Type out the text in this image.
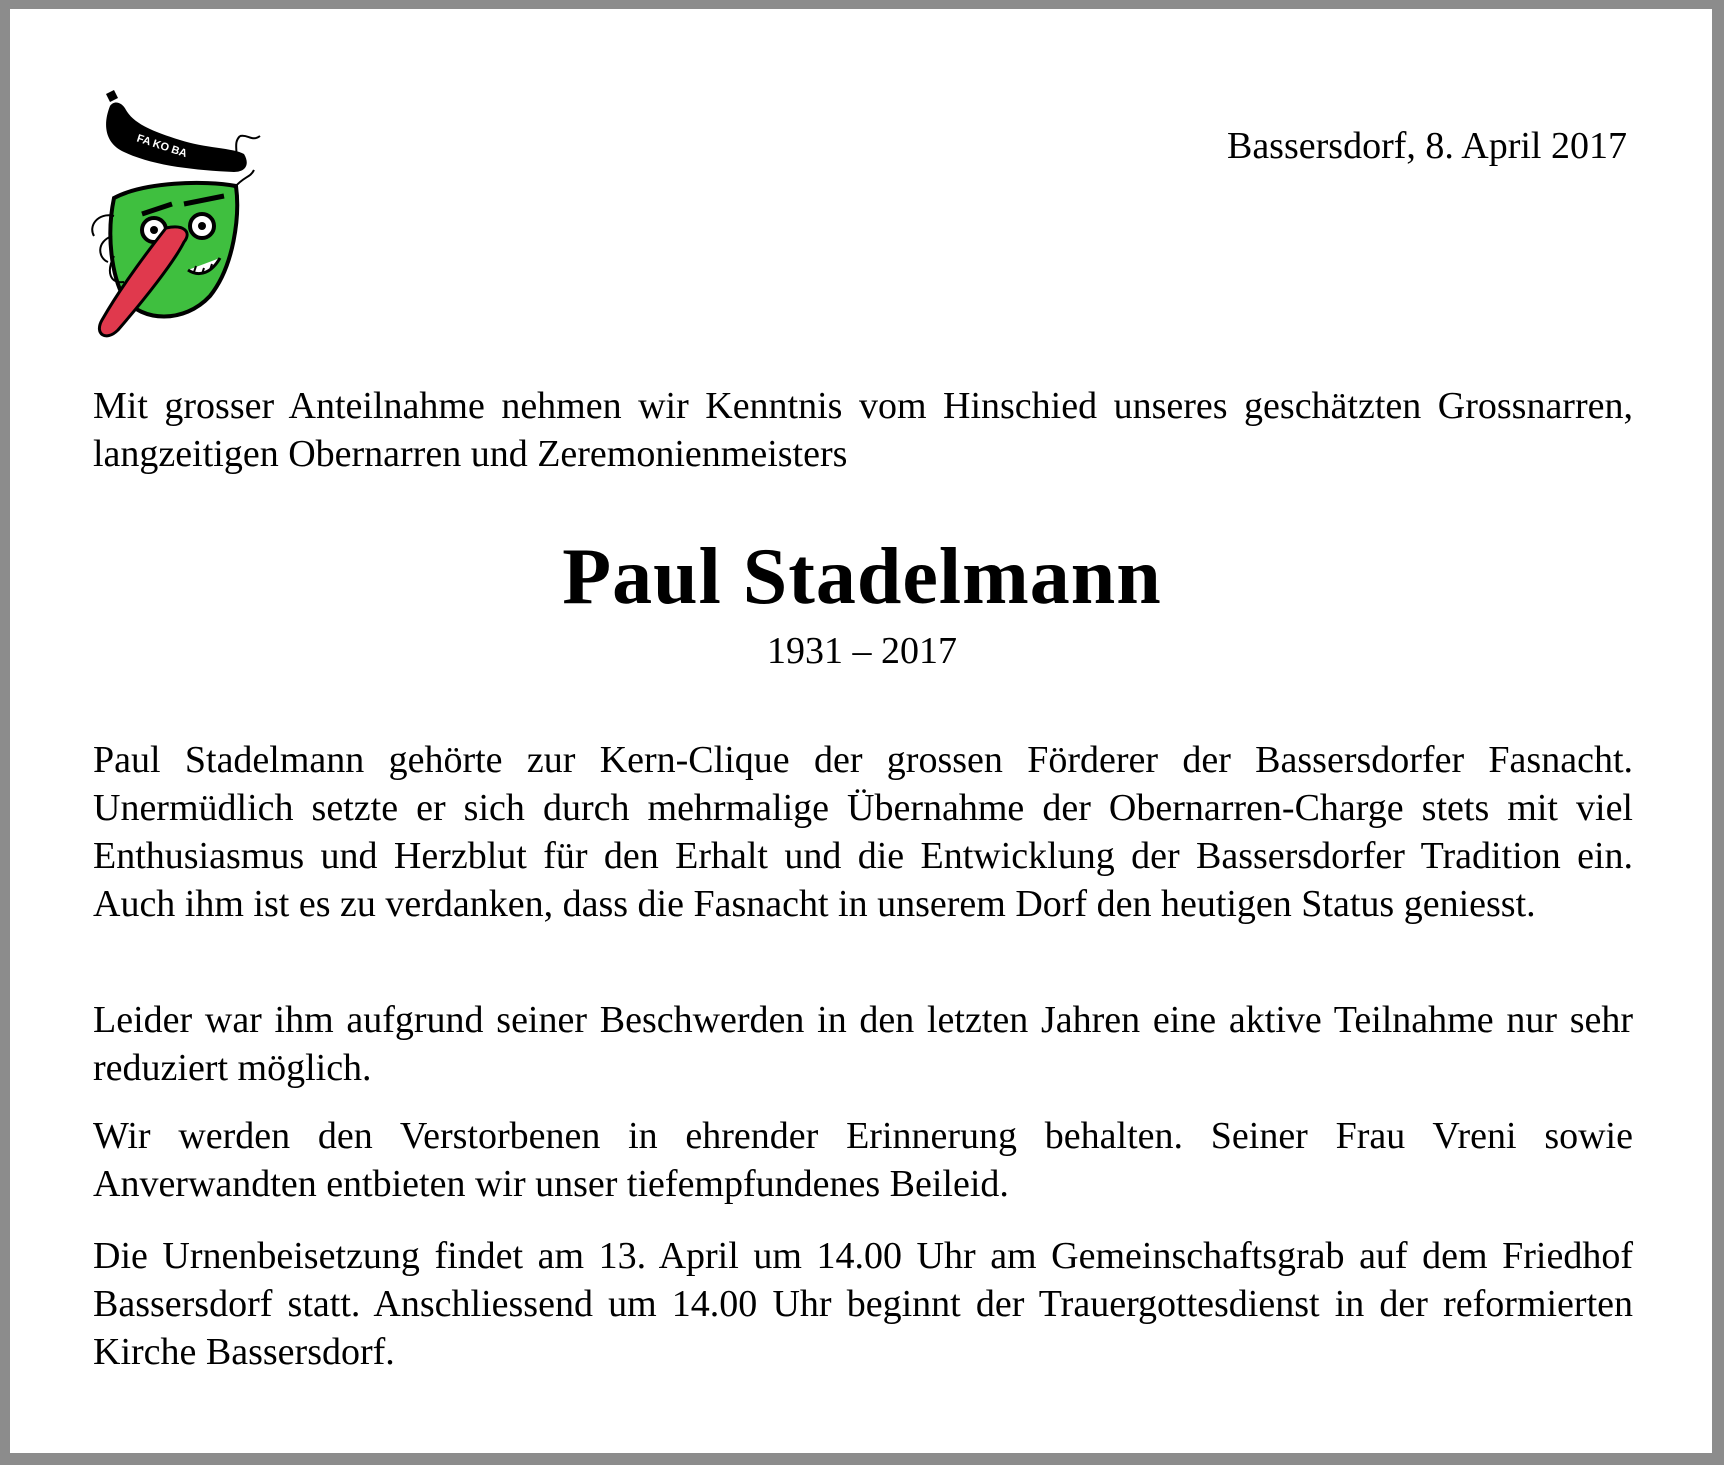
FA KO BA	Bassersdorf, 8. April 2017

Mit grosser Anteilnahme nehmen wir Kenntnis vom Hinschied unseres geschätzten Grossnarren, langzeitigen Obernarren und Zeremonienmeisters

Paul Stadelmann
1931 – 2017

Paul Stadelmann gehörte zur Kern-Clique der grossen Förderer der Bassersdorfer Fasnacht. Unermüdlich setzte er sich durch mehrmalige Übernahme der Obernarren-Charge stets mit viel Enthusiasmus und Herzblut für den Erhalt und die Entwicklung der Bassersdorfer Tradition ein. Auch ihm ist es zu verdanken, dass die Fasnacht in unserem Dorf den heutigen Status geniesst.

Leider war ihm aufgrund seiner Beschwerden in den letzten Jahren eine aktive Teilnahme nur sehr reduziert möglich.

Wir werden den Verstorbenen in ehrender Erinnerung behalten. Seiner Frau Vreni sowie Anverwandten entbieten wir unser tiefempfundenes Beileid.

Die Urnenbeisetzung findet am 13. April um 14.00 Uhr am Gemeinschaftsgrab auf dem Friedhof Bassersdorf statt. Anschliessend um 14.00 Uhr beginnt der Trauergottesdienst in der reformierten Kirche Bassersdorf.
